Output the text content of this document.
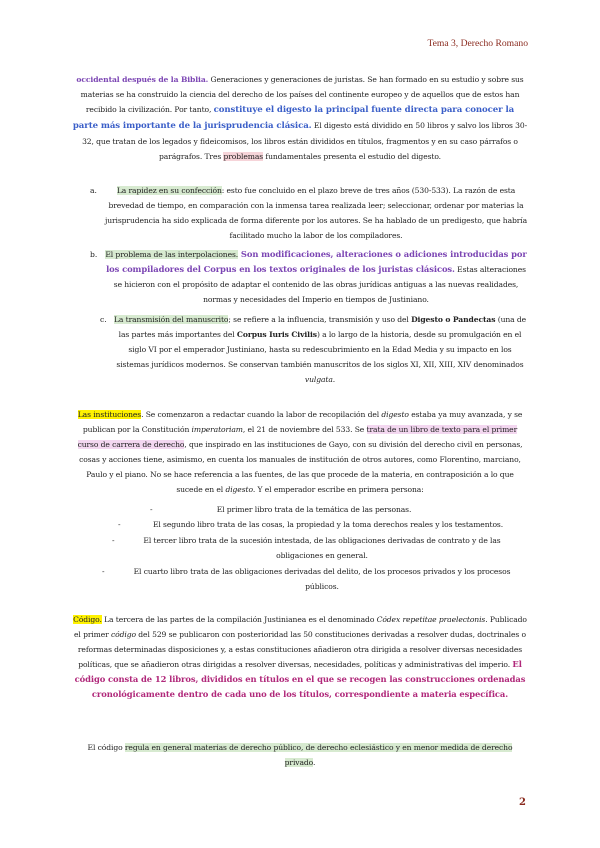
Tema 3, Derecho Romano
occidental después de la Biblia. Generaciones y generaciones de juristas. Se han formado en su estudio y sobre sus materias se ha construido la ciencia del derecho de los países del continente europeo y de aquellos que de estos han recibido la civilización. Por tanto, constituye el digesto la principal fuente directa para conocer la parte más importante de la jurisprudencia clásica. El digesto está dividido en 50 libros y salvo los libros 30-32, que tratan de los legados y fideicomisos, los libros están divididos en títulos, fragmentos y en su caso párrafos o parágrafos. Tres problemas fundamentales presenta el estudio del digesto.
a.	La rapidez en su confección: esto fue concluido en el plazo breve de tres años (530-533). La razón de esta brevedad de tiempo, en comparación con la inmensa tarea realizada leer; seleccionar, ordenar por materias la jurisprudencia ha sido explicada de forma diferente por los autores. Se ha hablado de un predigesto, que habría facilitado mucho la labor de los compiladores.
b. El problema de las interpolaciones. Son modificaciones, alteraciones o adiciones introducidas por los compiladores del Corpus en los textos originales de los juristas clásicos. Estas alteraciones se hicieron con el propósito de adaptar el contenido de las obras jurídicas antiguas a las nuevas realidades, normas y necesidades del Imperio en tiempos de Justiniano.
c. La transmisión del manuscrito; se refiere a la influencia, transmisión y uso del Digesto o Pandectas (una de las partes más importantes del Corpus Iuris Civilis) a lo largo de la historia, desde su promulgación en el siglo VI por el emperador Justiniano, hasta su redescubrimiento en la Edad Media y su impacto en los sistemas jurídicos modernos. Se conservan también manuscritos de los siglos XI, XII, XIII, XIV denominados vulgata.
Las instituciones. Se comenzaron a redactar cuando la labor de recopilación del digesto estaba ya muy avanzada, y se publican por la Constitución imperatoriam, el 21 de noviembre del 533. Se trata de un libro de texto para el primer curso de carrera de derecho, que inspirado en las instituciones de Gayo, con su división del derecho civil en personas, cosas y acciones tiene, asimismo, en cuenta los manuales de institución de otros autores, como Florentino, marciano, Paulo y el piano. No se hace referencia a las fuentes, de las que procede de la materia, en contraposición a lo que sucede en el digesto. Y el emperador escribe en primera persona:
-	El primer libro trata de la temática de las personas.
-	El segundo libro trata de las cosas, la propiedad y la toma derechos reales y los testamentos.
-	El tercer libro trata de la sucesión intestada, de las obligaciones derivadas de contrato y de las obligaciones en general.
-	El cuarto libro trata de las obligaciones derivadas del delito, de los procesos privados y los procesos públicos.
Código. La tercera de las partes de la compilación Justinianea es el denominado Códex repetitae praelectonis. Publicado el primer código del 529 se publicaron con posterioridad las 50 constituciones derivadas a resolver dudas, doctrinales o reformas determinadas disposiciones y, a estas constituciones añadieron otra dirigida a resolver diversas necesidades políticas, que se añadieron otras dirigidas a resolver diversas, necesidades, políticas y administrativas del imperio. El código consta de 12 libros, divididos en títulos en el que se recogen las construcciones ordenadas cronológicamente dentro de cada uno de los títulos, correspondiente a materia específica.
El código regula en general materias de derecho público, de derecho eclesiástico y en menor medida de derecho privado.
2
